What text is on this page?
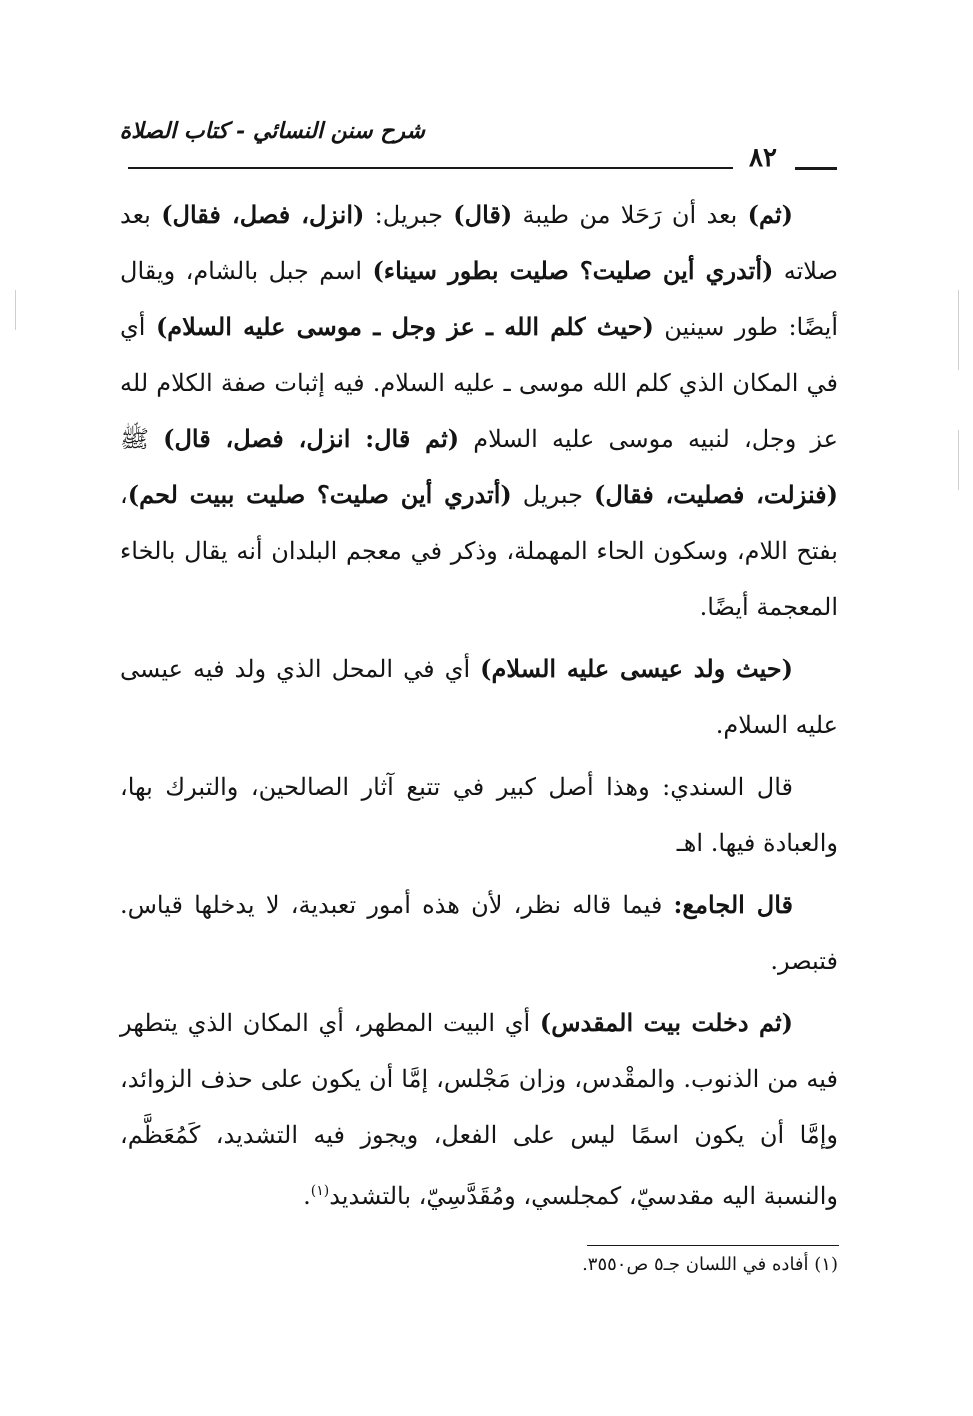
شرح سنن النسائي - كتاب الصلاة
٨٢

(ثم) بعد أن رَحَلا من طيبة (قال) جبريل: (انزل، فصل، فقال) بعد صلاته (أتدري أين صليت؟ صليت بطور سيناء) اسم جبل بالشام، ويقال أيضًا: طور سينين (حيث كلم الله ـ عز وجل ـ موسى عليه السلام) أي في المكان الذي كلم الله موسى ـ عليه السلام. فيه إثبات صفة الكلام لله عز وجل، لنبيه موسى عليه السلام (ثم قال: انزل، فصل، قال) ﷺ (فنزلت، فصليت، فقال) جبريل (أتدري أين صليت؟ صليت ببيت لحم)، بفتح اللام، وسكون الحاء المهملة، وذكر في معجم البلدان أنه يقال بالخاء المعجمة أيضًا.

(حيث ولد عيسى عليه السلام) أي في المحل الذي ولد فيه عيسى عليه السلام.

قال السندي: وهذا أصل كبير في تتبع آثار الصالحين، والتبرك بها، والعبادة فيها. اهـ

قال الجامع: فيما قاله نظر، لأن هذه أمور تعبدية، لا يدخلها قياس. فتبصر.

(ثم دخلت بيت المقدس) أي البيت المطهر، أي المكان الذي يتطهر فيه من الذنوب. والمقْدس، وزان مَجْلس، إمَّا أن يكون على حذف الزوائد، وإمَّا أن يكون اسمًا ليس على الفعل، ويجوز فيه التشديد، كَمُعَظَّم، والنسبة اليه مقدسيّ، كمجلسي، ومُقَدَّسِيّ، بالتشديد$^{(١)}$.

(١) أفاده في اللسان جـ٥ ص٣٥٥٠.
